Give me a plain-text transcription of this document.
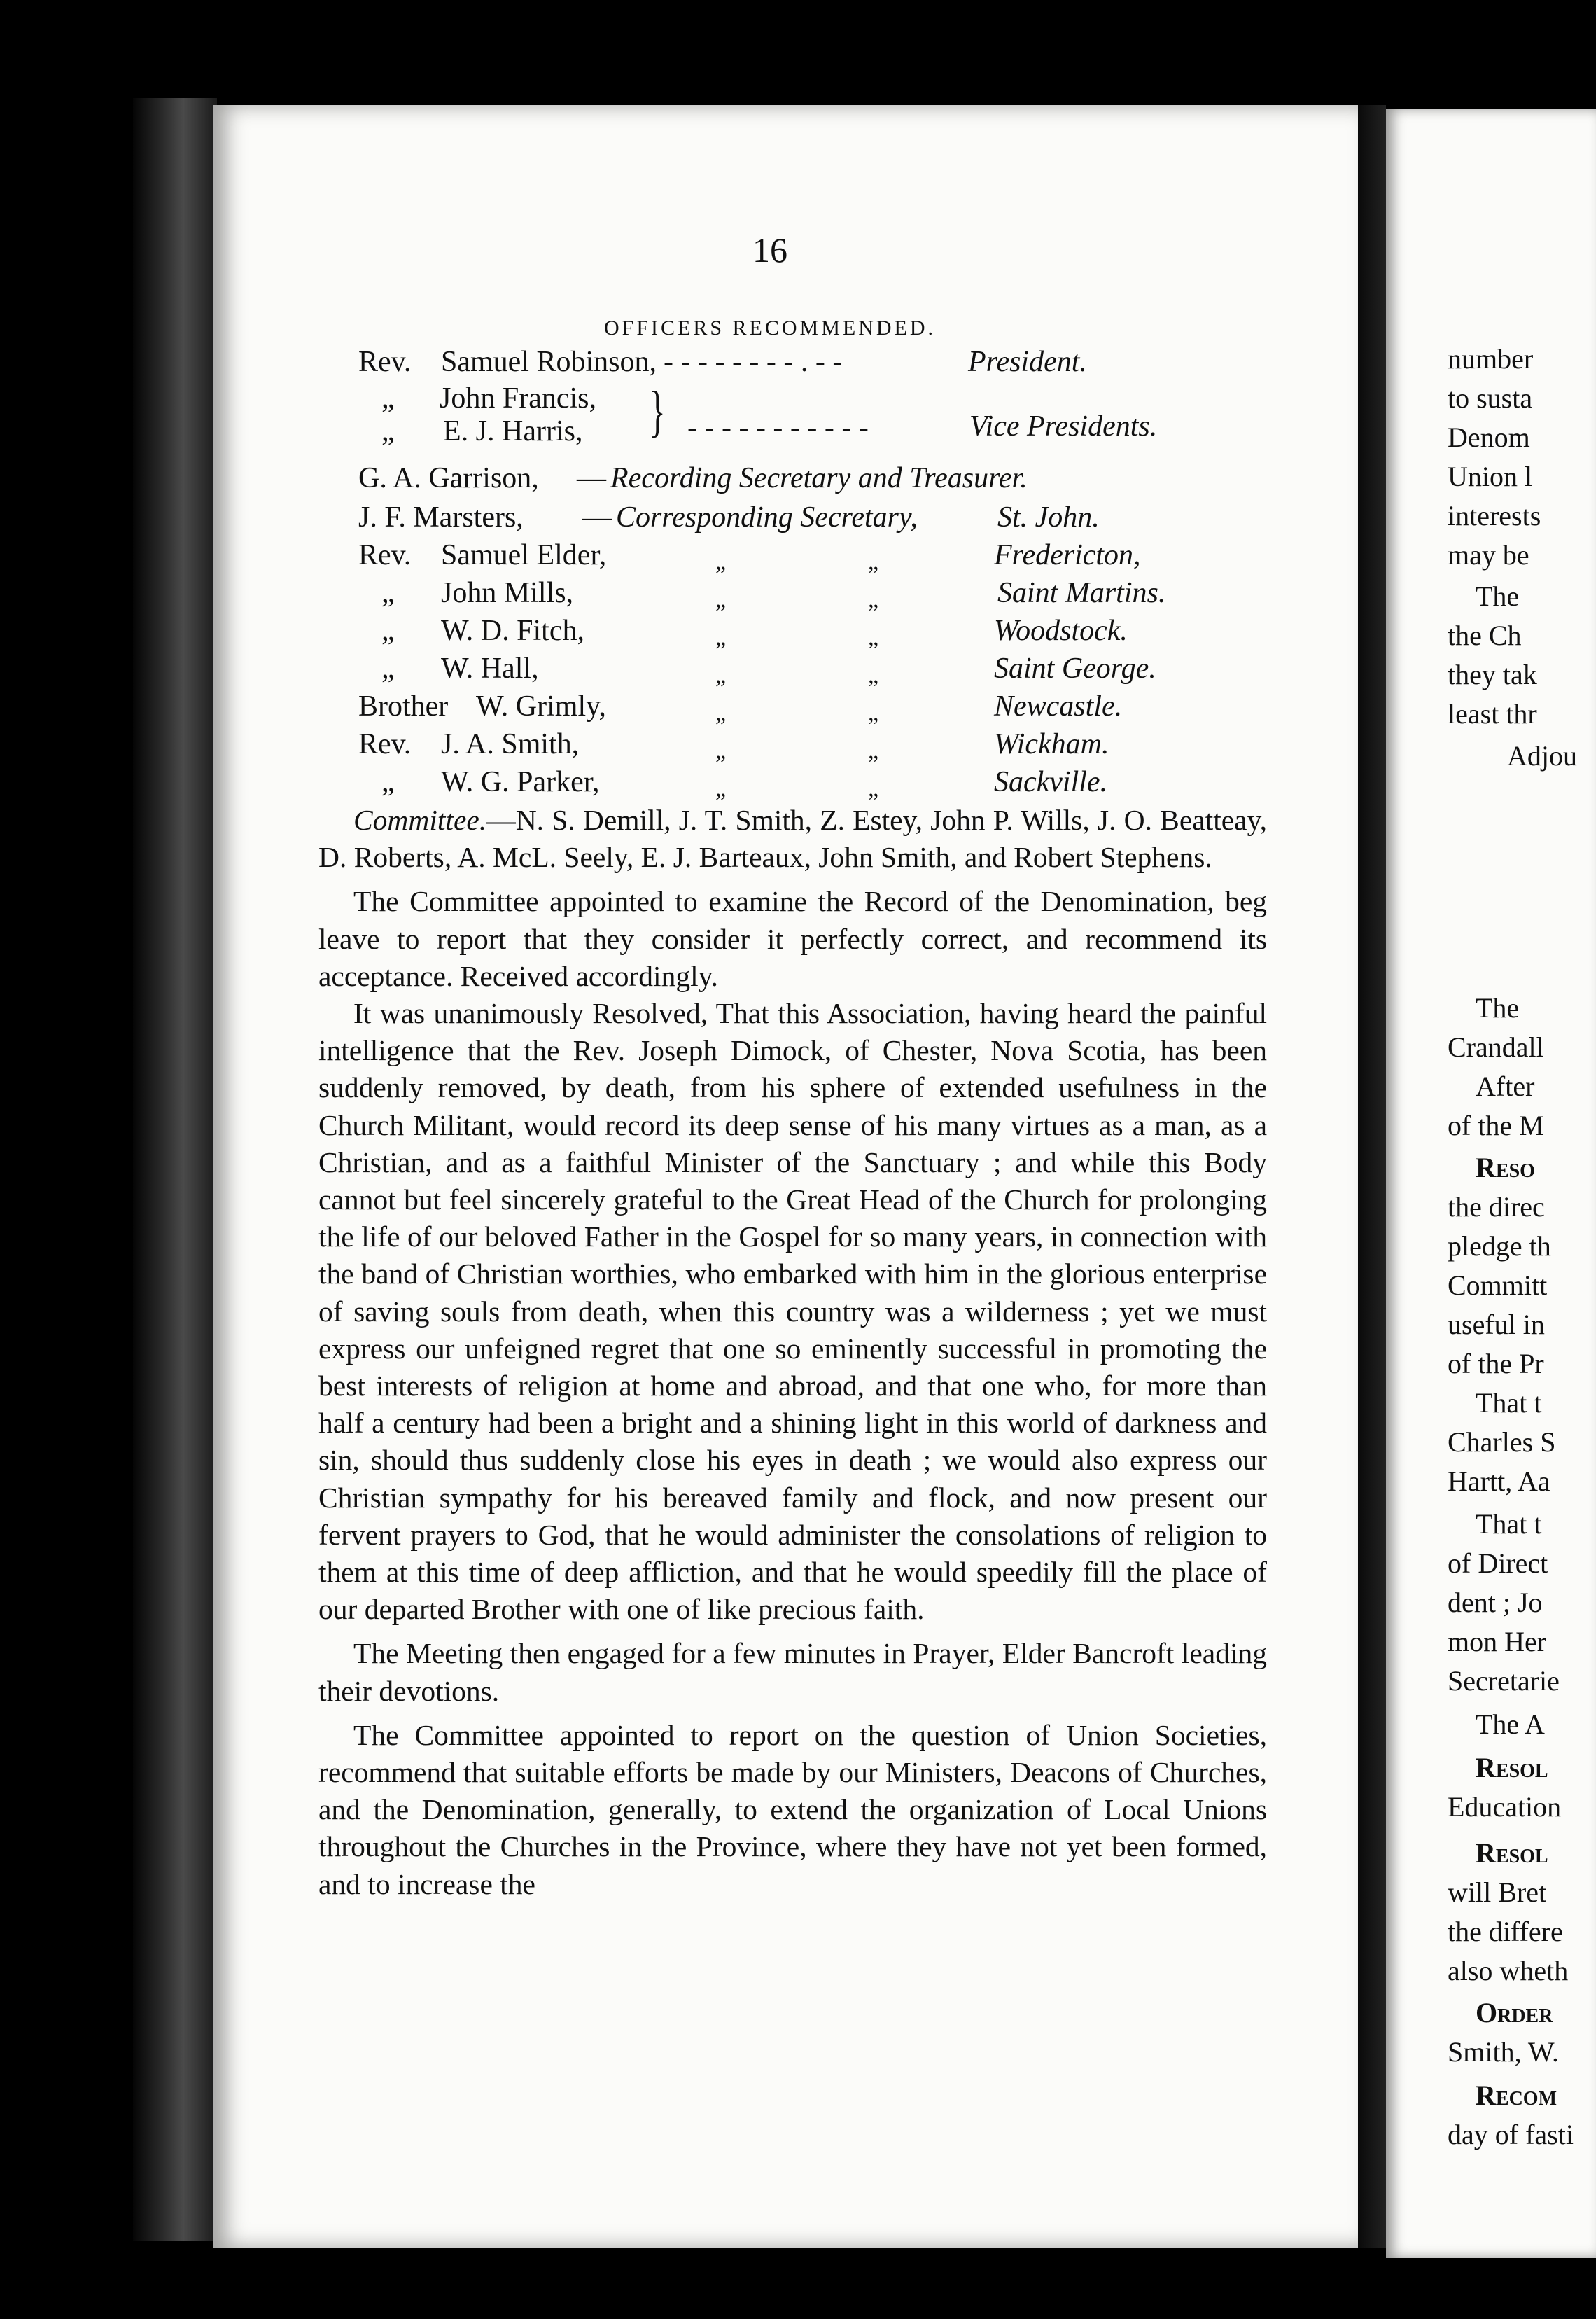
16
OFFICERS RECOMMENDED.
Rev. Samuel Robinson, - - - - - - - - . - -	President.
„ John Francis,
„ E. J. Harris, } - - - - - - - - - - -	Vice Presidents.
G. A. Garrison, — Recording Secretary and Treasurer.
J. F. Marsters, — Corresponding Secretary,	St. John.
Rev. Samuel Elder,	„	„	Fredericton,
„ John Mills,	„	„	Saint Martins.
„ W. D. Fitch,	„	„	Woodstock.
„ W. Hall,	„	„	Saint George.
Brother W. Grimly,	„	„	Newcastle.
Rev. J. A. Smith,	„	„	Wickham.
„ W. G. Parker,	„	„	Sackville.

Committee.—N. S. Demill, J. T. Smith, Z. Estey, John P. Wills, J. O. Beatteay, D. Roberts, A. McL. Seely, E. J. Barteaux, John Smith, and Robert Stephens.

The Committee appointed to examine the Record of the Denomination, beg leave to report that they consider it perfectly correct, and recommend its acceptance. Received accordingly.

It was unanimously Resolved, That this Association, having heard the painful intelligence that the Rev. Joseph Dimock, of Chester, Nova Scotia, has been suddenly removed, by death, from his sphere of extended usefulness in the Church Militant, would record its deep sense of his many virtues as a man, as a Christian, and as a faithful Minister of the Sanctuary ; and while this Body cannot but feel sincerely grateful to the Great Head of the Church for prolonging the life of our beloved Father in the Gospel for so many years, in connection with the band of Christian worthies, who embarked with him in the glorious enterprise of saving souls from death, when this country was a wilderness ; yet we must express our unfeigned regret that one so eminently successful in promoting the best interests of religion at home and abroad, and that one who, for more than half a century had been a bright and a shining light in this world of darkness and sin, should thus suddenly close his eyes in death ; we would also express our Christian sympathy for his bereaved family and flock, and now present our fervent prayers to God, that he would administer the consolations of religion to them at this time of deep affliction, and that he would speedily fill the place of our departed Brother with one of like precious faith.

The Meeting then engaged for a few minutes in Prayer, Elder Bancroft leading their devotions.

The Committee appointed to report on the question of Union Societies, recommend that suitable efforts be made by our Ministers, Deacons of Churches, and the Denomination, generally, to extend the organization of Local Unions throughout the Churches in the Province, where they have not yet been formed, and to increase the

number
to susta
Denom
Union l
interests
may be
The
the Ch
they tak
least thr
Adjou
The
Crandall
After
of the M
Reso
the direc
pledge th
Committ
useful in
of the Pr
That t
Charles S
Hartt, Aa
That t
of Direct
dent ; Jo
mon Her
Secretarie
The A
Resol
Education
Resol
will Bret
the differe
also wheth
Order
Smith, W.
Recom
day of fasti
